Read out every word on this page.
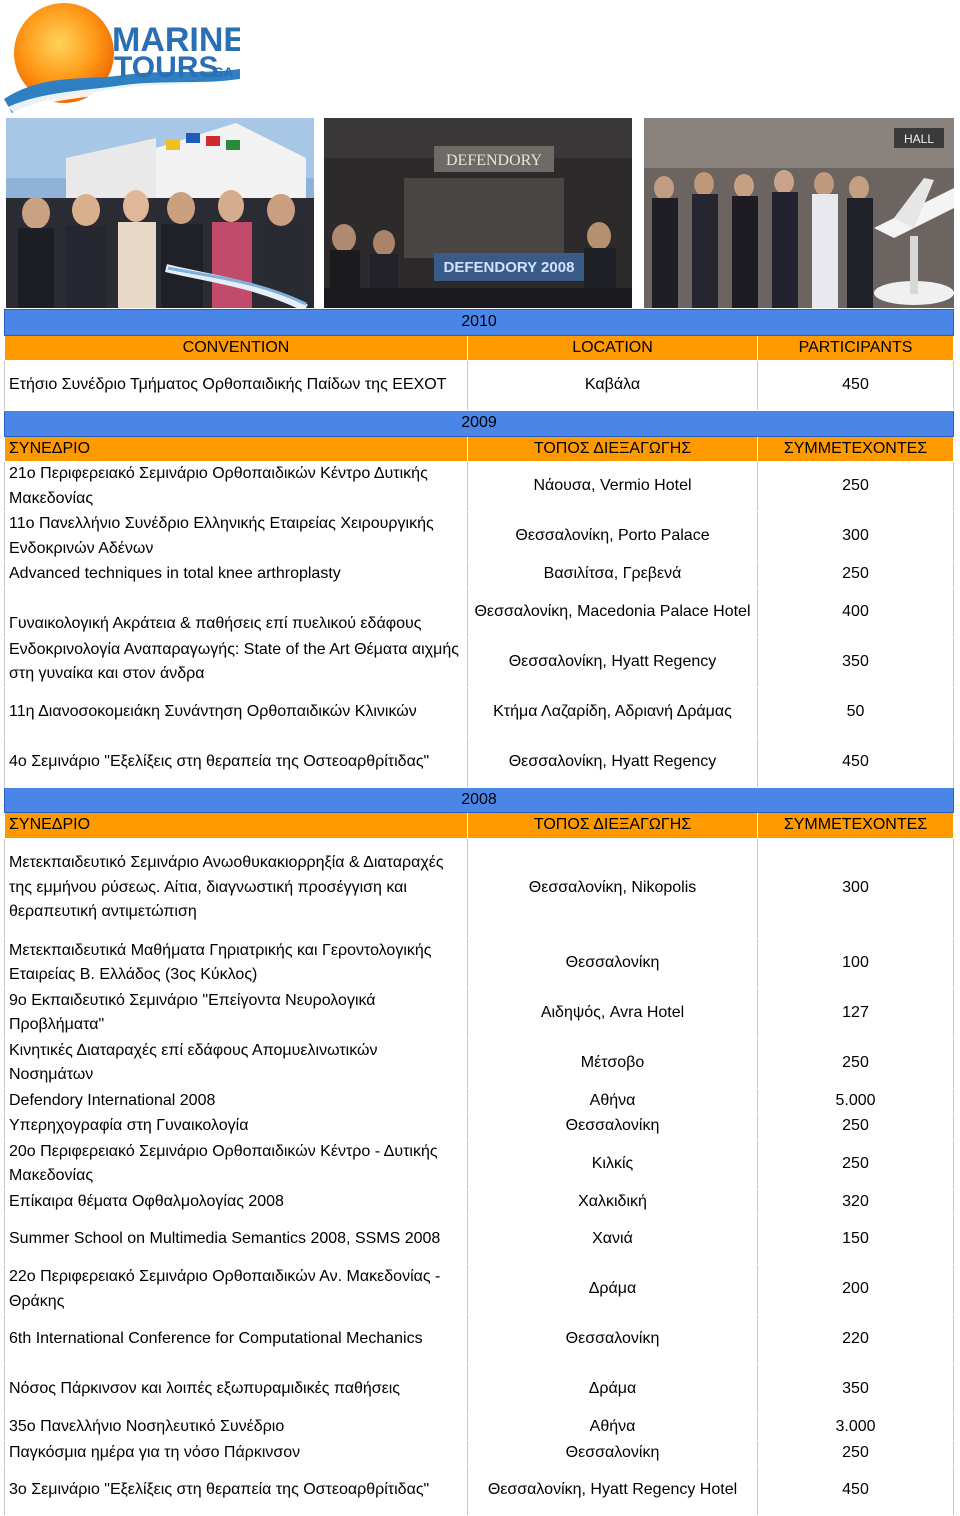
MARINE
TOURS
SA
DEFENDORY
DEFENDORY 2008
HALL
2010		
CONVENTION	LOCATION	PARTICIPANTS
Ετήσιο Συνέδριο Τμήματος Ορθοπαιδικής Παίδων της ΕΕΧΟΤ	Καβάλα	450
2009		
ΣΥΝΕΔΡΙΟ	ΤΟΠΟΣ ΔΙΕΞΑΓΩΓΗΣ	ΣΥΜΜΕΤΕΧΟΝΤΕΣ
21ο Περιφερειακό Σεμινάριο Ορθοπαιδικών Κέντρο Δυτικής Μακεδονίας	Νάουσα, Vermio Hotel	250
11ο Πανελλήνιο Συνέδριο Ελληνικής Εταιρείας Χειρουργικής Ενδοκρινών Αδένων	Θεσσαλονίκη, Porto Palace	300
Advanced techniques in total knee arthroplasty	Βασιλίτσα, Γρεβενά	250
Γυναικολογική Ακράτεια & παθήσεις επί πυελικού εδάφους	Θεσσαλονίκη, Macedonia Palace Hotel	400
Ενδοκρινολογία Αναπαραγωγής: State of the Art Θέματα αιχμής στη γυναίκα και στον άνδρα	Θεσσαλονίκη, Hyatt Regency	350
11η Διανοσοκομειάκη Συνάντηση Ορθοπαιδικών Κλινικών	Κτήμα Λαζαρίδη, Αδριανή Δράμας	50
4ο Σεμινάριο "Εξελίξεις στη θεραπεία της Οστεοαρθρίτιδας"	Θεσσαλονίκη, Hyatt Regency	450
2008		
ΣΥΝΕΔΡΙΟ	ΤΟΠΟΣ ΔΙΕΞΑΓΩΓΗΣ	ΣΥΜΜΕΤΕΧΟΝΤΕΣ
Μετεκπαιδευτικό Σεμινάριο Ανωοθυκακιορρηξία & Διαταραχές της εμμήνου ρύσεως. Αίτια, διαγνωστική προσέγγιση και θεραπευτική αντιμετώπιση	Θεσσαλονίκη, Nikopolis	300
Μετεκπαιδευτικά Μαθήματα Γηριατρικής και Γεροντολογικής Εταιρείας Β. Ελλάδος (3ος Κύκλος)	Θεσσαλονίκη	100
9ο Εκπαιδευτικό Σεμινάριο "Επείγοντα Νευρολογικά Προβλήματα"	Αιδηψός, Avra Hotel	127
Κινητικές Διαταραχές επί εδάφους Απομυελινωτικών Νοσημάτων	Μέτσοβο	250
Defendory International 2008	Αθήνα	5.000
Υπερηχογραφία στη Γυναικολογία	Θεσσαλονίκη	250
20ο Περιφερειακό Σεμινάριο Ορθοπαιδικών Κέντρο - Δυτικής Μακεδονίας	Κιλκίς	250
Επίκαιρα θέματα Οφθαλμολογίας 2008	Χαλκιδική	320
Summer School on Multimedia Semantics 2008, SSMS 2008	Χανιά	150
22ο Περιφερειακό Σεμινάριο Ορθοπαιδικών Αν. Μακεδονίας - Θράκης	Δράμα	200
6th International Conference for Computational Mechanics	Θεσσαλονίκη	220
Νόσος Πάρκινσον και λοιπές εξωπυραμιδικές παθήσεις	Δράμα	350
35ο Πανελλήνιο Νοσηλευτικό Συνέδριο	Αθήνα	3.000
Παγκόσμια ημέρα για τη νόσο Πάρκινσον	Θεσσαλονίκη	250
3ο Σεμινάριο "Εξελίξεις στη θεραπεία της Οστεοαρθρίτιδας"	Θεσσαλονίκη, Hyatt Regency Hotel	450
